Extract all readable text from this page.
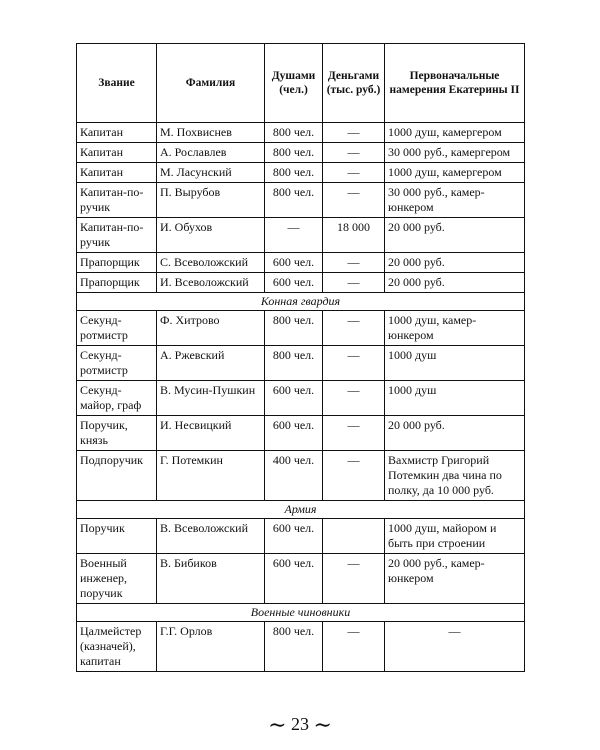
Звание	Фамилия	Душами (чел.)	Деньгами (тыс. руб.)	Первоначальные намерения Екатерины II
Капитан	М. Похвиснев	800 чел.	—	1000 душ, камергером
Капитан	А. Рославлев	800 чел.	—	30 000 руб., камергером
Капитан	М. Ласунский	800 чел.	—	1000 душ, камергером
Капитан-поручик	П. Вырубов	800 чел.	—	30 000 руб., камер-юнкером
Капитан-поручик	И. Обухов	—	18 000	20 000 руб.
Прапорщик	С. Всеволожский	600 чел.	—	20 000 руб.
Прапорщик	И. Всеволожский	600 чел.	—	20 000 руб.
Конная гвардия				
Секунд-ротмистр	Ф. Хитрово	800 чел.	—	1000 душ, камер-юнкером
Секунд-ротмистр	А. Ржевский	800 чел.	—	1000 душ
Секунд-майор, граф	В. Мусин-Пушкин	600 чел.	—	1000 душ
Поручик, князь	И. Несвицкий	600 чел.	—	20 000 руб.
Подпоручик	Г. Потемкин	400 чел.	—	Вахмистр Григорий Потемкин два чина по полку, да 10 000 руб.
Армия				
Поручик	В. Всеволожский	600 чел.		1000 душ, майором и быть при строении
Военный инженер, поручик	В. Бибиков	600 чел.	—	20 000 руб., камер-юнкером
Военные чиновники				
Цалмейстер (казначей), капитан	Г.Г. Орлов	800 чел.	—	—
∼ 23 ∼
